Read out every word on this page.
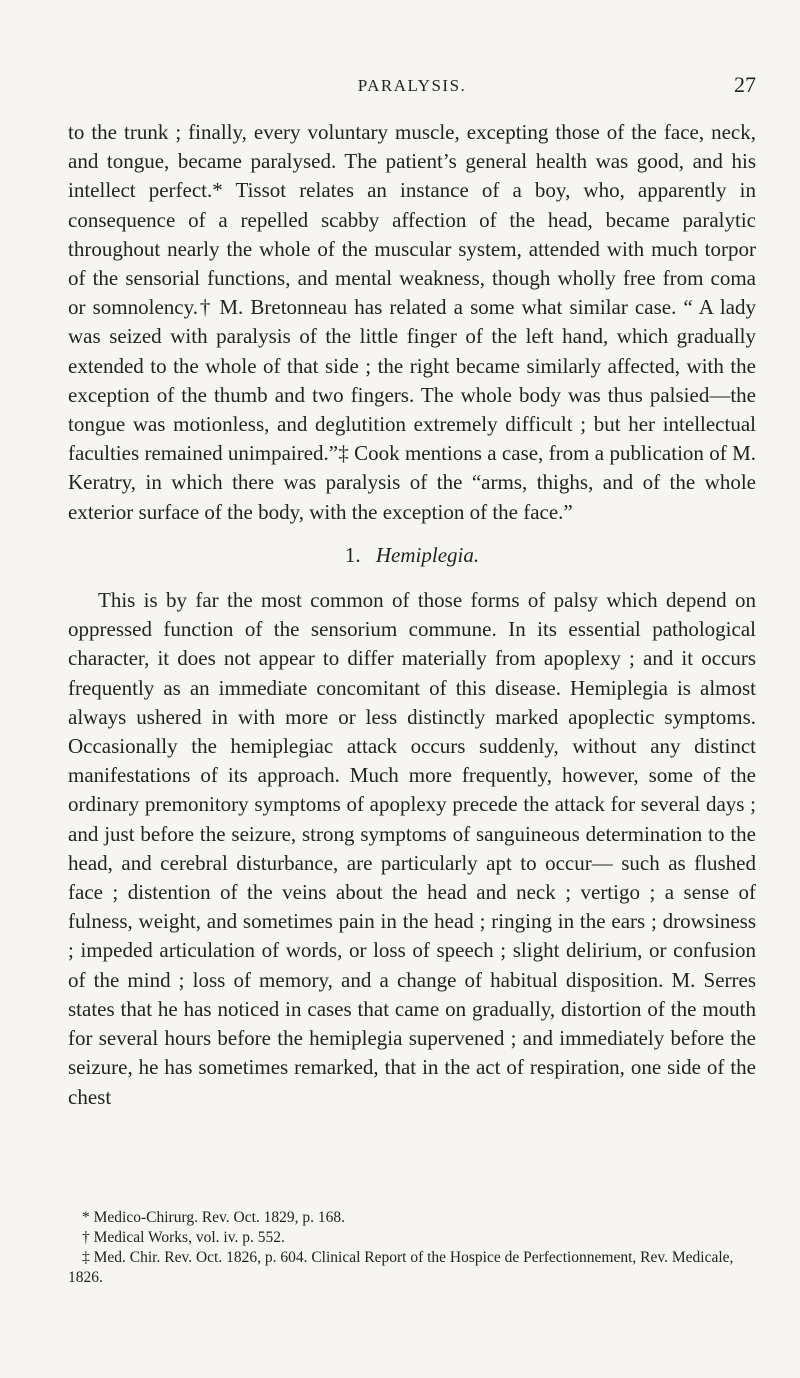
PARALYSIS.	27

to the trunk ; finally, every voluntary muscle, excepting those of the face, neck, and tongue, became paralysed. The patient’s general health was good, and his intellect perfect.* Tissot relates an instance of a boy, who, apparently in consequence of a repelled scabby affection of the head, became paralytic throughout nearly the whole of the muscular system, attended with much torpor of the sensorial functions, and mental weakness, though wholly free from coma or somnolency.† M. Bretonneau has related a some what similar case. “ A lady was seized with paralysis of the little finger of the left hand, which gradually extended to the whole of that side ; the right became similarly affected, with the exception of the thumb and two fingers. The whole body was thus palsied—the tongue was motionless, and deglutition extremely difficult ; but her intellectual faculties remained unimpaired.”‡ Cook mentions a case, from a publication of M. Keratry, in which there was paralysis of the “arms, thighs, and of the whole exterior surface of the body, with the exception of the face.”

1. Hemiplegia.

This is by far the most common of those forms of palsy which depend on oppressed function of the sensorium commune. In its essential pathological character, it does not appear to differ materially from apoplexy ; and it occurs frequently as an immediate concomitant of this disease. Hemiplegia is almost always ushered in with more or less distinctly marked apoplectic symptoms. Occasionally the hemiplegiac attack occurs suddenly, without any distinct manifestations of its approach. Much more frequently, however, some of the ordinary premonitory symptoms of apoplexy precede the attack for several days ; and just before the seizure, strong symptoms of sanguineous determination to the head, and cerebral disturbance, are particularly apt to occur— such as flushed face ; distention of the veins about the head and neck ; vertigo ; a sense of fulness, weight, and sometimes pain in the head ; ringing in the ears ; drowsiness ; impeded articulation of words, or loss of speech ; slight delirium, or confusion of the mind ; loss of memory, and a change of habitual disposition. M. Serres states that he has noticed in cases that came on gradually, distortion of the mouth for several hours before the hemiplegia supervened ; and immediately before the seizure, he has sometimes remarked, that in the act of respiration, one side of the chest

* Medico-Chirurg. Rev. Oct. 1829, p. 168.

† Medical Works, vol. iv. p. 552.

‡ Med. Chir. Rev. Oct. 1826, p. 604. Clinical Report of the Hospice de Perfectionnement, Rev. Medicale, 1826.
